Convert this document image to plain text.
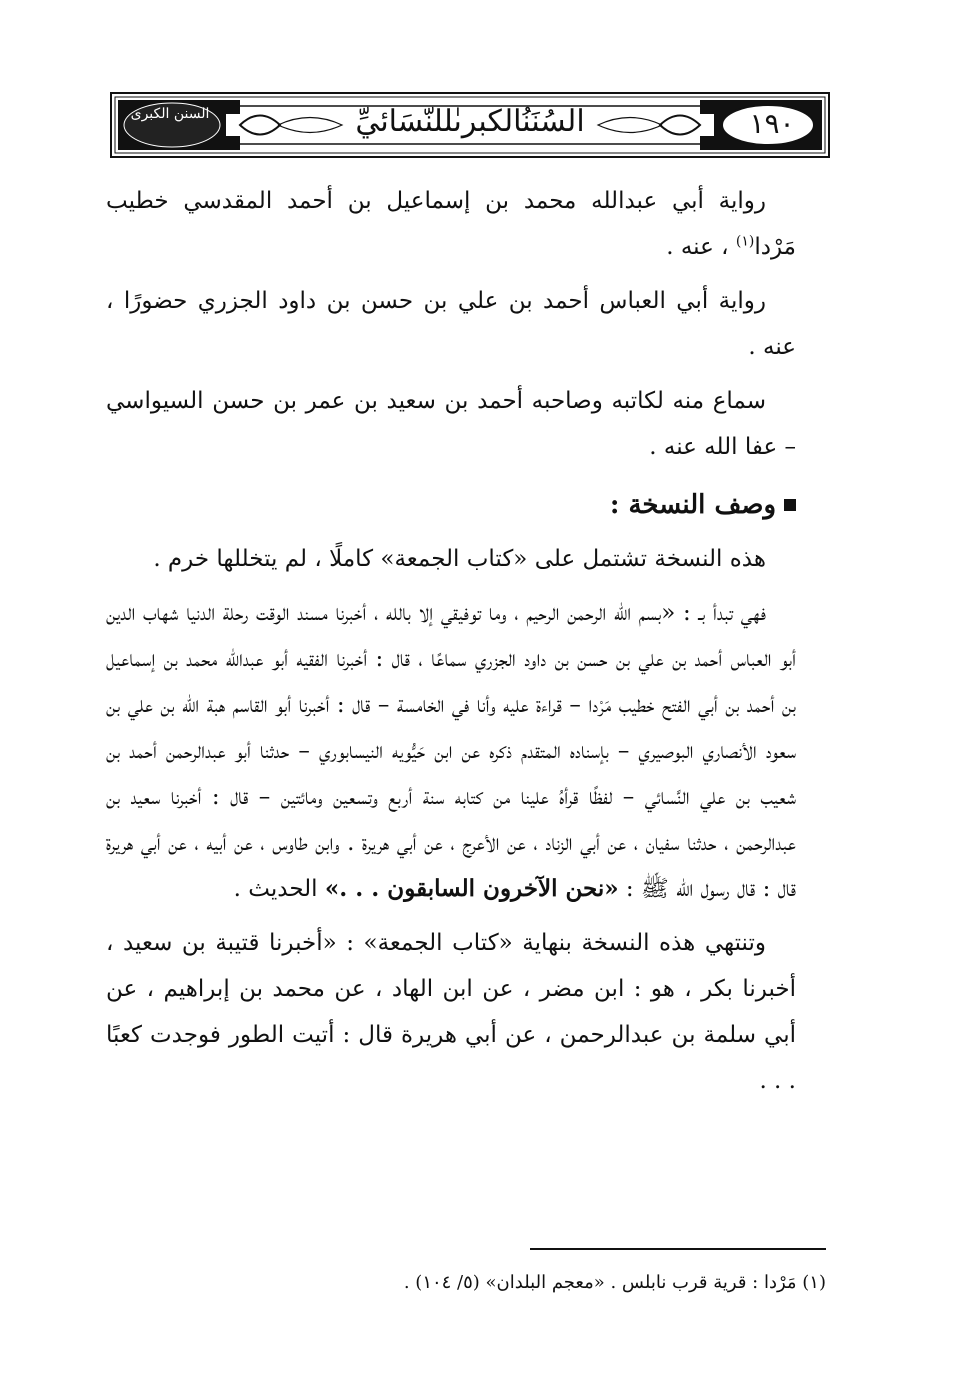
السنن الكبرى	السُنَنُالكبرىٰللنّسَائيِّ	١٩٠

رواية أبي عبدالله محمد بن إسماعيل بن أحمد المقدسي خطيب مَرْدا$^{(١)}$ ، عنه .

رواية أبي العباس أحمد بن علي بن حسن بن داود الجزري حضورًا ، عنه .

سماع منه لكاتبه وصاحبه أحمد بن سعيد بن عمر بن حسن السيواسي – عفا الله عنه .

وصف النسخة :

هذه النسخة تشتمل على «كتاب الجمعة» كاملًا ، لم يتخللها خرم .

فهي تبدأ بـ : «بسم الله الرحمن الرحيم ، وما توفيقي إلا بالله ، أخبرنا مسند الوقت رحلة الدنيا شهاب الدين أبو العباس أحمد بن علي بن حسن بن داود الجزري سماعًا ، قال : أخبرنا الفقيه أبو عبدالله محمد بن إسماعيل بن أحمد بن أبي الفتح خطيب مَرْدا – قراءة عليه وأنا في الخامسة – قال : أخبرنا أبو القاسم هبة الله بن علي بن سعود الأنصاري البوصيري – بإسناده المتقدم ذكره عن ابن حَيُّويه النيسابوري – حدثنا أبو عبدالرحمن أحمد بن شعيب بن علي النَّسائي – لفظًا قرأهُ علينا من كتابه سنة أربع وتسعين ومائتين – قال : أخبرنا سعيد بن عبدالرحمن ، حدثنا سفيان ، عن أبي الزناد ، عن الأعرج ، عن أبي هريرة . وابن طاوس ، عن أبيه ، عن أبي هريرة قال : قال رسول الله ﷺ : «نحن الآخرون السابقون . . .» الحديث .

وتنتهي هذه النسخة بنهاية «كتاب الجمعة» : «أخبرنا قتيبة بن سعيد ، أخبرنا بكر ، هو : ابن مضر ، عن ابن الهاد ، عن محمد بن إبراهيم ، عن أبي سلمة بن عبدالرحمن ، عن أبي هريرة قال : أتيت الطور فوجدت كعبًا . . .

(١) مَرْدا : قرية قرب نابلس . «معجم البلدان» (٥/ ١٠٤) .
